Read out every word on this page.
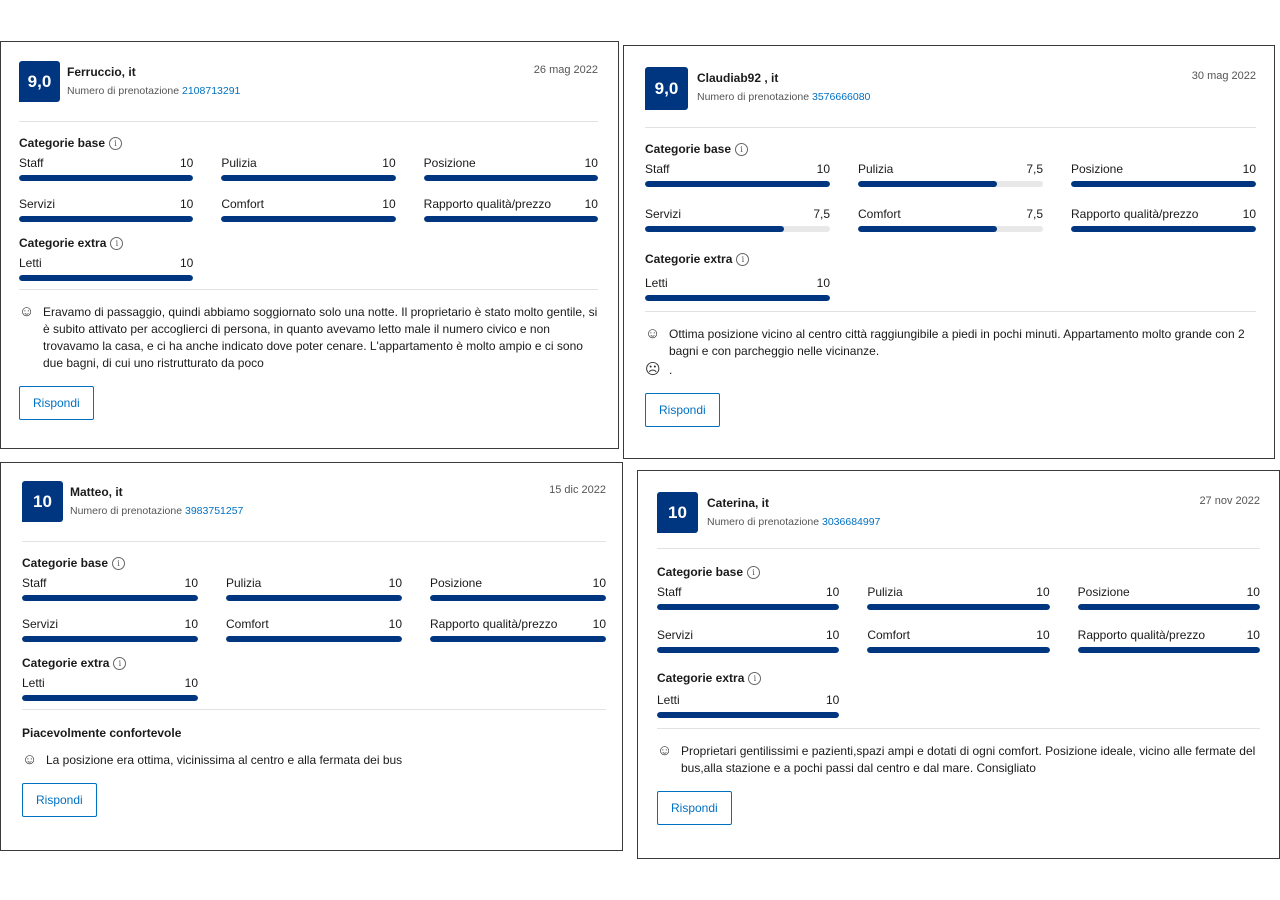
9,0	Ferruccio, it
Numero di prenotazione 2108713291
26 mag 2022
Categorie base	i
Staff	10 Pulizia	10 Posizione	10
Servizi	10 Comfort	10 Rapporto qualità/prezzo	10
Categorie extra	i
Letti	10
☺ Eravamo di passaggio, quindi abbiamo soggiornato solo una notte. Il proprietario è stato molto gentile, si è subito attivato per accoglierci di persona, in quanto avevamo letto male il numero civico e non trovavamo la casa, e ci ha anche indicato dove poter cenare. L'appartamento è molto ampio e ci sono due bagni, di cui uno ristrutturato da poco
Rispondi
9,0
Claudiab92 , it
Numero di prenotazione 3576666080
30 mag 2022
Categorie base	i
Staff	10 Pulizia	7,5 Posizione	10
Servizi	7,5 Comfort	7,5 Rapporto qualità/prezzo	10
Categorie extra	i
Letti	10
☺ Ottima posizione vicino al centro città raggiungibile a piedi in pochi minuti. Appartamento molto grande con 2 bagni e con parcheggio nelle vicinanze.
☹ .
Rispondi
10	Matteo, it
Numero di prenotazione 3983751257
15 dic 2022
Categorie base	i
Staff	10 Pulizia	10 Posizione	10
Servizi	10 Comfort	10 Rapporto qualità/prezzo	10
Categorie extra	i
Letti	10
Piacevolmente confortevole
☺ La posizione era ottima, vicinissima al centro e alla fermata dei bus
Rispondi
10	Caterina, it
Numero di prenotazione 3036684997
27 nov 2022
Categorie base	i
Staff	10 Pulizia	10 Posizione	10
Servizi	10 Comfort	10 Rapporto qualità/prezzo	10
Categorie extra	i
Letti	10
☺ Proprietari gentilissimi e pazienti,spazi ampi e dotati di ogni comfort. Posizione ideale, vicino alle fermate del bus,alla stazione e a pochi passi dal centro e dal mare. Consigliato
Rispondi
